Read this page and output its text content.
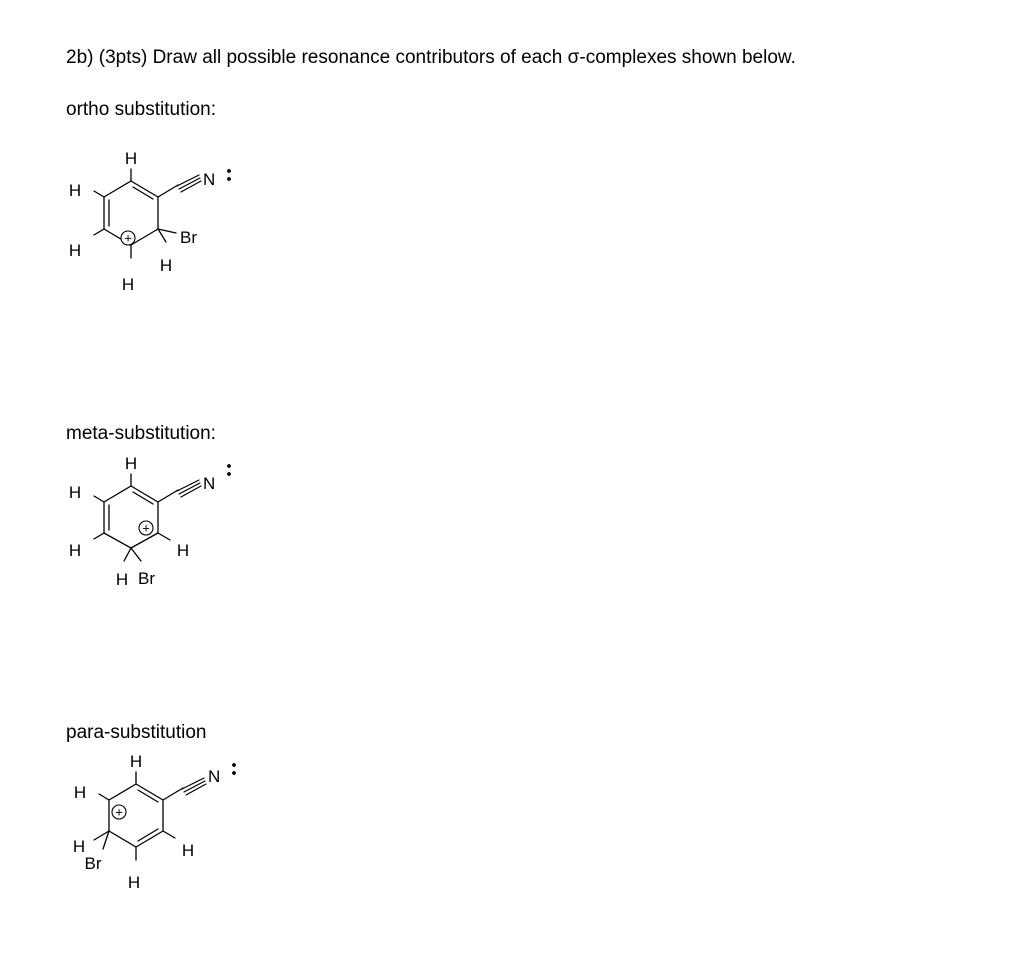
2b) (3pts) Draw all possible resonance contributors of each σ-complexes shown below.
ortho substitution:
+
H
H
H
H
H
Br
N
meta-substitution:
+
H
H
H	H
H Br
N
para-substitution
+
H
H
H
Br
H
H
N
